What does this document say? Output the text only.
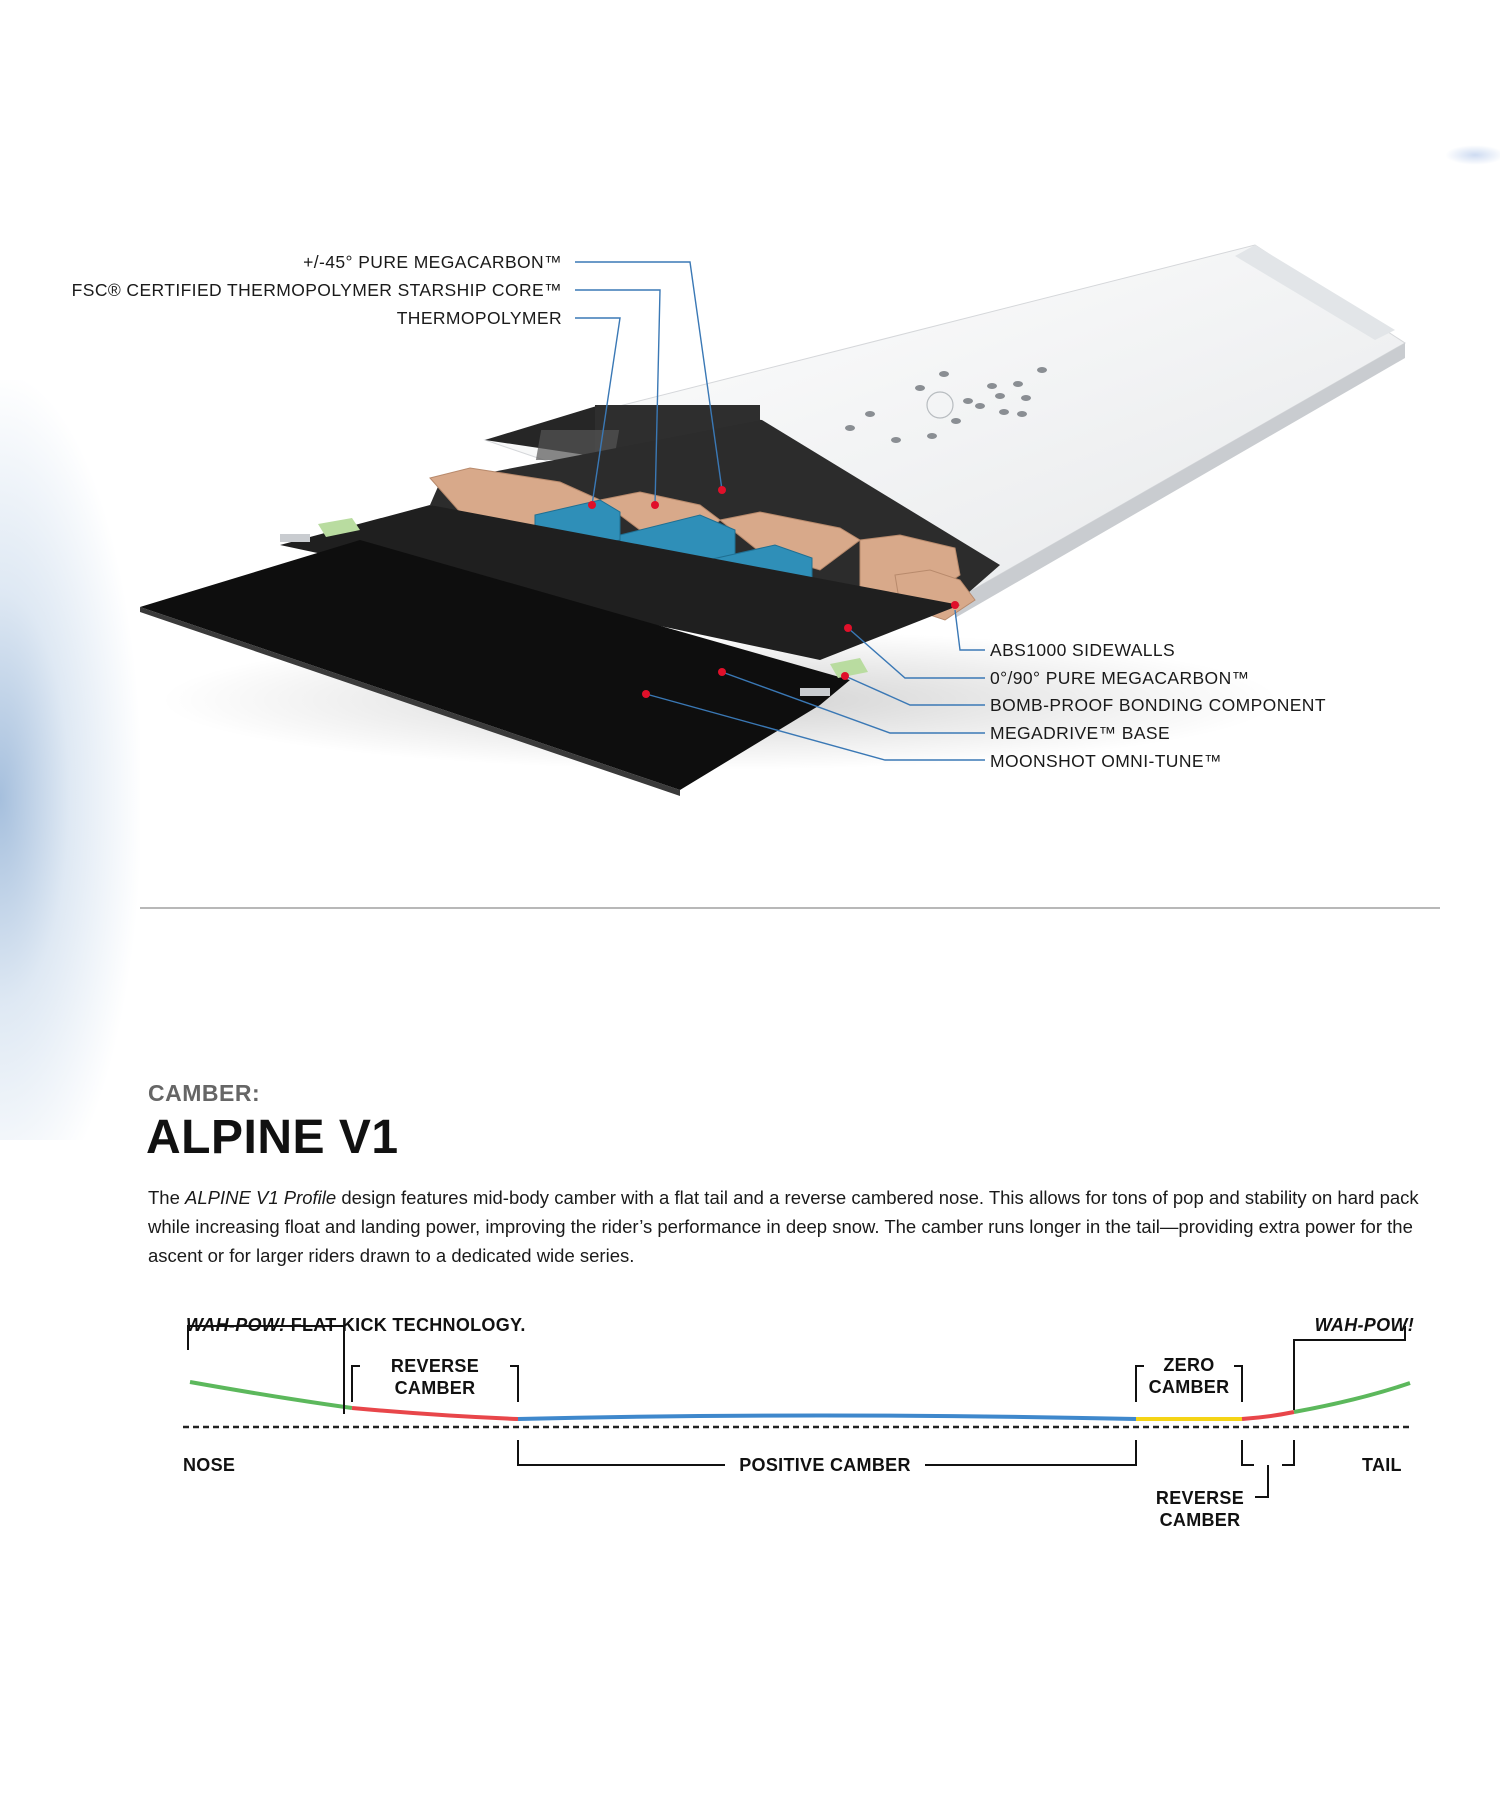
+/-45° PURE MEGACARBON™
FSC® CERTIFIED THERMOPOLYMER STARSHIP CORE™
THERMOPOLYMER
ABS1000 SIDEWALLS
0°/90° PURE MEGACARBON™
BOMB-PROOF BONDING COMPONENT
MEGADRIVE™ BASE
MOONSHOT OMNI-TUNE™
CAMBER:
ALPINE V1
The ALPINE V1 Profile design features mid-body camber with a flat tail and a reverse cambered nose. This allows for tons of pop and stability on hard pack while increasing float and landing power, improving the rider’s performance in deep snow. The camber runs longer in the tail—providing extra power for the ascent or for larger riders drawn to a dedicated wide series.
WAH-POW! FLAT KICK TECHNOLOGY.	WAH-POW!
REVERSE
CAMBER
ZERO
CAMBER
POSITIVE CAMBER
REVERSE
CAMBER
NOSE	TAIL
